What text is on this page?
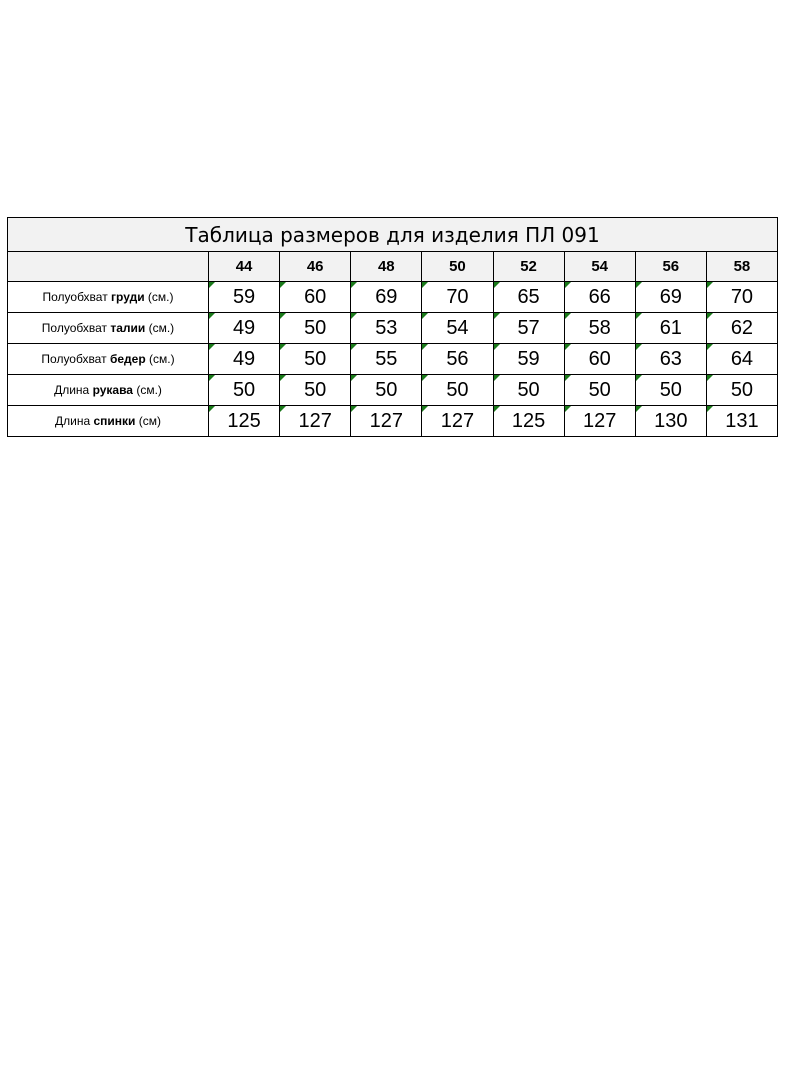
Таблица размеров для изделия ПЛ 091								
	44	46	48	50	52	54	56	58
Полуобхват груди (см.)	59	60	69	70	65	66	69	70
Полуобхват талии (см.)	49	50	53	54	57	58	61	62
Полуобхват бедер (см.)	49	50	55	56	59	60	63	64
Длина рукава (см.)	50	50	50	50	50	50	50	50
Длина спинки (см)	125	127	127	127	125	127	130	131
